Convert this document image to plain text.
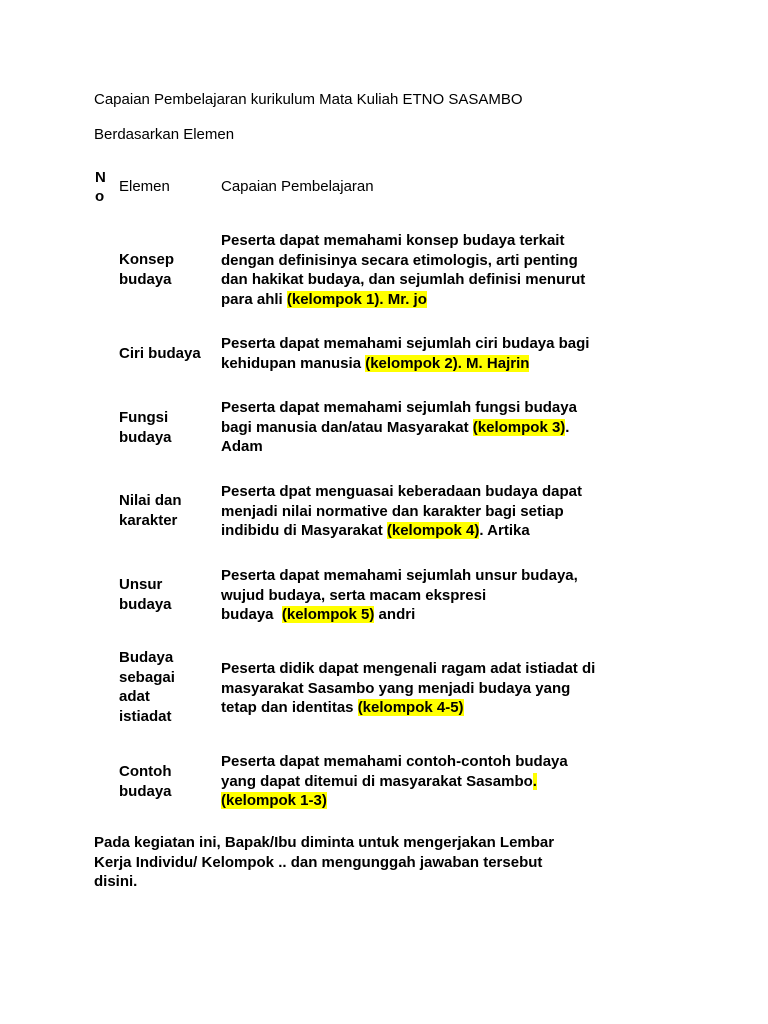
Capaian Pembelajaran kurikulum Mata Kuliah ETNO SASAMBO
Berdasarkan Elemen
N
o
Elemen	Capaian Pembelajaran
Konsep
budaya
Peserta dapat memahami konsep budaya terkait
dengan definisinya secara etimologis, arti penting
dan hakikat budaya, dan sejumlah definisi menurut
para ahli (kelompok 1). Mr. jo
Ciri budaya
Peserta dapat memahami sejumlah ciri budaya bagi
kehidupan manusia (kelompok 2). M. Hajrin
Fungsi
budaya
Peserta dapat memahami sejumlah fungsi budaya
bagi manusia dan/atau Masyarakat (kelompok 3).
Adam
Nilai dan
karakter
Peserta dpat menguasai keberadaan budaya dapat
menjadi nilai normative dan karakter bagi setiap
indibidu di Masyarakat (kelompok 4). Artika
Unsur
budaya
Peserta dapat memahami sejumlah unsur budaya,
wujud budaya, serta macam ekspresi
budaya  (kelompok 5) andri
Budaya
sebagai
adat
istiadat
Peserta didik dapat mengenali ragam adat istiadat di
masyarakat Sasambo yang menjadi budaya yang
tetap dan identitas (kelompok 4-5)
Contoh
budaya
Peserta dapat memahami contoh-contoh budaya
yang dapat ditemui di masyarakat Sasambo.
(kelompok 1-3)
Pada kegiatan ini, Bapak/Ibu diminta untuk mengerjakan Lembar
Kerja Individu/ Kelompok .. dan mengunggah jawaban tersebut
disini.
